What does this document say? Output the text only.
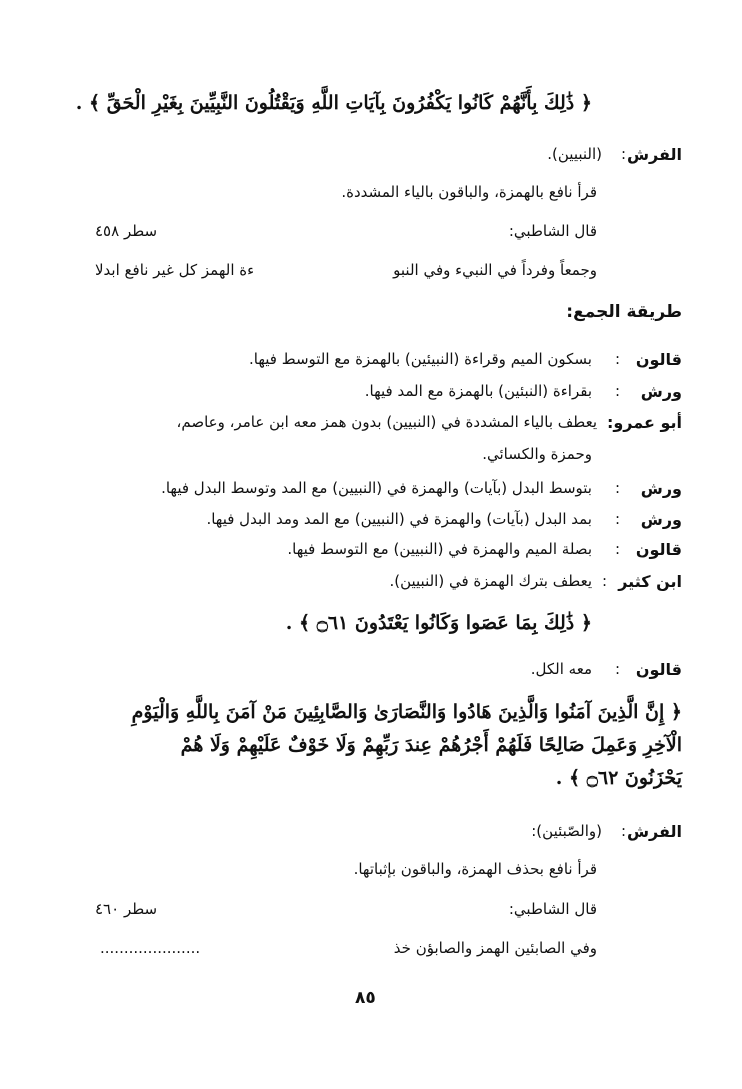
﴿ ذَٰلِكَ بِأَنَّهُمْ كَانُوا يَكْفُرُونَ بِآيَاتِ اللَّهِ وَيَقْتُلُونَ النَّبِيِّينَ بِغَيْرِ الْحَقِّ ﴾ .
الفرش
:
(النبيين).
قرأ نافع بالهمزة، والباقون بالياء المشددة.
قال الشاطبي:
سطر ٤٥٨
وجمعاً وفرداً في النبيء وفي النبو
ءة الهمز كل غير نافع ابدلا
طريقة الجمع:
قالون
:
بسكون الميم وقراءة (النبيئين) بالهمزة مع التوسط فيها.
ورش
:
بقراءة (النبئين) بالهمزة مع المد فيها.
أبو عمرو:
يعطف بالياء المشددة في (النبيين) بدون همز معه ابن عامر، وعاصم،
وحمزة والكسائي.
ورش
:
بتوسط البدل (بآيات) والهمزة في (النبيين) مع المد وتوسط البدل فيها.
ورش
:
بمد البدل (بآيات) والهمزة في (النبيين) مع المد ومد البدل فيها.
قالون
:
بصلة الميم والهمزة في (النبيين) مع التوسط فيها.
ابن كثير
:
يعطف بترك الهمزة في (النبيين).
﴿ ذَٰلِكَ بِمَا عَصَوا وَكَانُوا يَعْتَدُونَ ۝٦١ ﴾ .
قالون
:
معه الكل.
﴿ إِنَّ الَّذِينَ آمَنُوا وَالَّذِينَ هَادُوا وَالنَّصَارَىٰ وَالصَّابِئِينَ مَنْ آمَنَ بِاللَّهِ وَالْيَوْمِ
الْآخِرِ وَعَمِلَ صَالِحًا فَلَهُمْ أَجْرُهُمْ عِندَ رَبِّهِمْ وَلَا خَوْفٌ عَلَيْهِمْ وَلَا هُمْ
يَحْزَنُونَ ۝٦٢ ﴾ .
الفرش
:
(والصّبئين):
قرأ نافع بحذف الهمزة، والباقون بإثباتها.
قال الشاطبي:
سطر ٤٦٠
وفي الصابئين الهمز والصابؤن خذ
.....................
٨٥
